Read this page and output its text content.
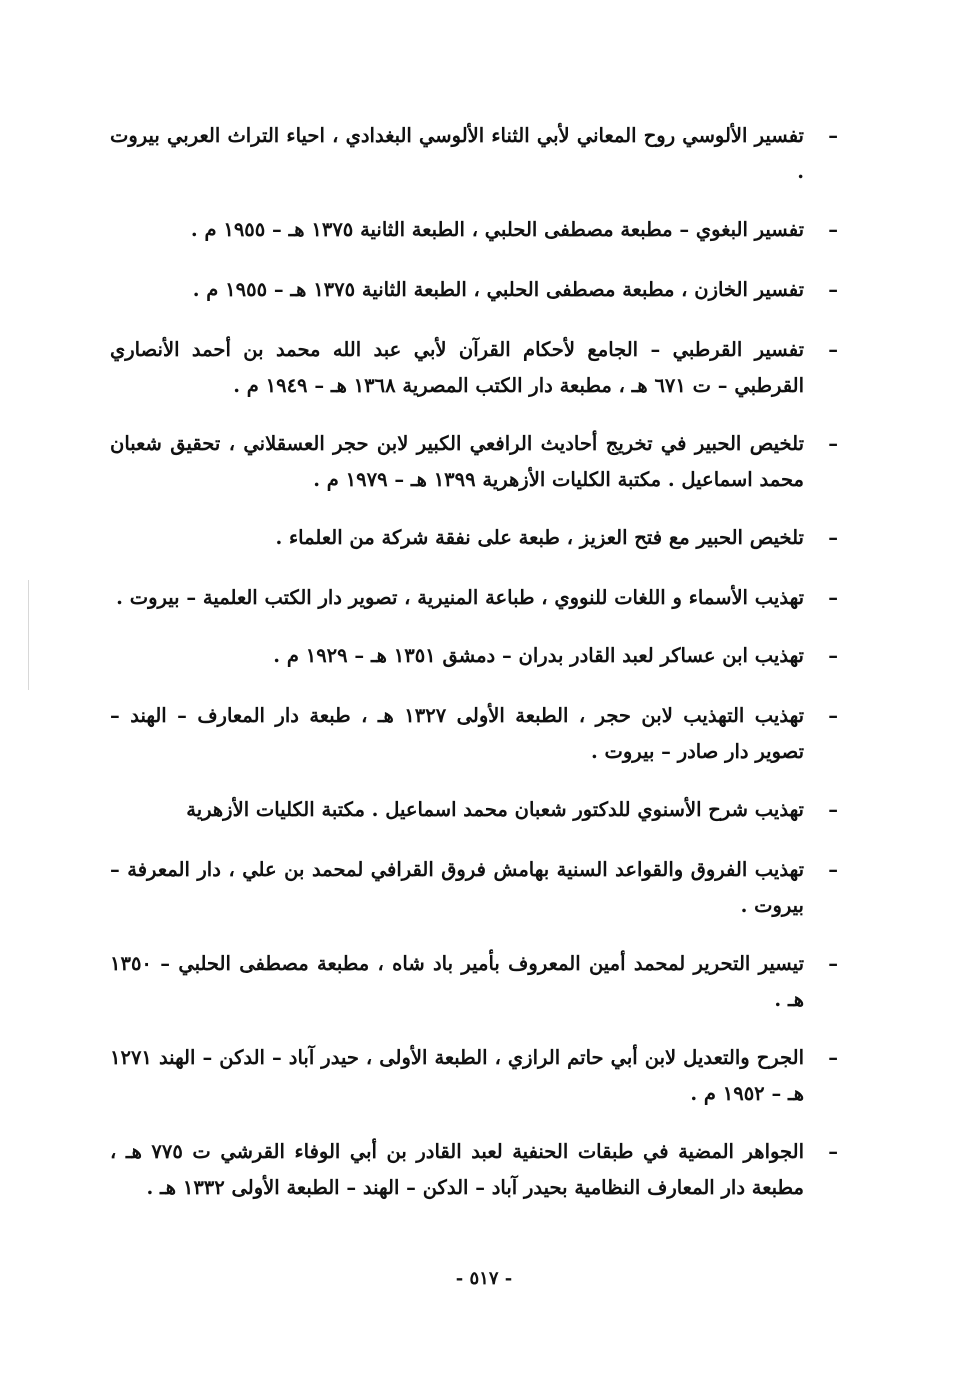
–
تفسير الألوسي روح المعاني لأبي الثناء الألوسي البغدادي ، احياء التراث العربي بيروت .
–
تفسير البغوي – مطبعة مصطفى الحلبي ، الطبعة الثانية ١٣٧٥ هـ – ١٩٥٥ م .
–
تفسير الخازن ، مطبعة مصطفى الحلبي ، الطبعة الثانية ١٣٧٥ هـ – ١٩٥٥ م .
–
تفسير القرطبي – الجامع لأحكام القرآن لأبي عبد الله محمد بن أحمد الأنصاري القرطبي – ت ٦٧١ هـ ، مطبعة دار الكتب المصرية ١٣٦٨ هـ – ١٩٤٩ م .
–
تلخيص الحبير في تخريج أحاديث الرافعي الكبير لابن حجر العسقلاني ، تحقيق شعبان محمد اسماعيل . مكتبة الكليات الأزهرية ١٣٩٩ هـ – ١٩٧٩ م .
–
تلخيص الحبير مع فتح العزيز ، طبعة على نفقة شركة من العلماء .
–
تهذيب الأسماء و اللغات للنووي ، طباعة المنيرية ، تصوير دار الكتب العلمية – بيروت .
–
تهذيب ابن عساكر لعبد القادر بدران – دمشق ١٣٥١ هـ – ١٩٢٩ م .
–
تهذيب التهذيب لابن حجر ، الطبعة الأولى ١٣٢٧ هـ ، طبعة دار المعارف – الهند – تصوير دار صادر – بيروت .
–
تهذيب شرح الأسنوي للدكتور شعبان محمد اسماعيل . مكتبة الكليات الأزهرية
–
تهذيب الفروق والقواعد السنية بهامش فروق القرافي لمحمد بن علي ، دار المعرفة – بيروت .
–
تيسير التحرير لمحمد أمين المعروف بأمير باد شاه ، مطبعة مصطفى الحلبي – ١٣٥٠ هـ .
–
الجرح والتعديل لابن أبي حاتم الرازي ، الطبعة الأولى ، حيدر آباد – الدكن – الهند ١٢٧١ هـ – ١٩٥٢ م .
–
الجواهر المضية في طبقات الحنفية لعبد القادر بن أبي الوفاء القرشي ت ٧٧٥ هـ ، مطبعة دار المعارف النظامية بحيدر آباد – الدكن – الهند – الطبعة الأولى ١٣٣٢ هـ .
- ٥١٧ -
